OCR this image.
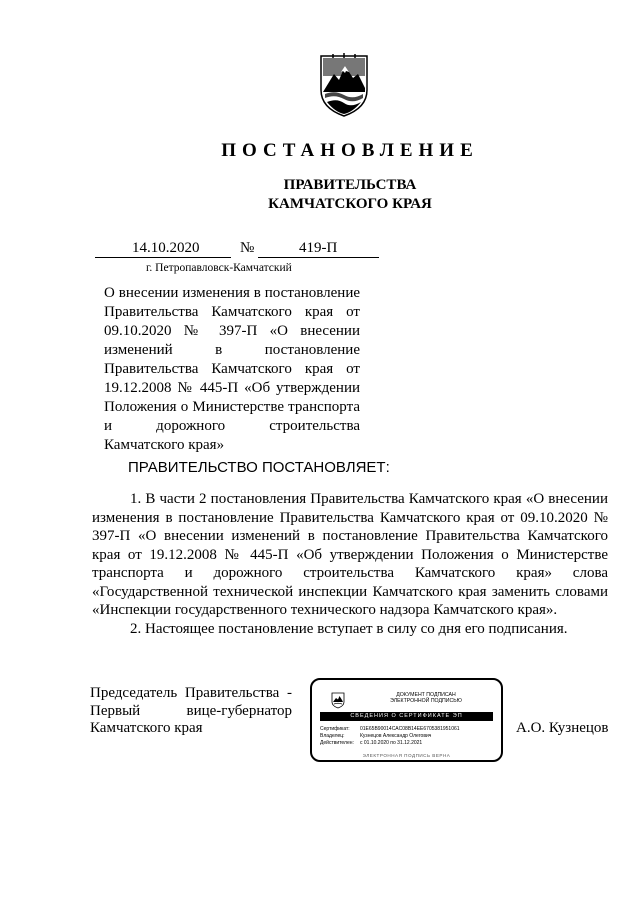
ПОСТАНОВЛЕНИЕ
ПРАВИТЕЛЬСТВА
КАМЧАТСКОГО КРАЯ
14.10.2020	№	419-П
г. Петропавловск-Камчатский
О внесении изменения в постановление Правительства Камчатского края от 09.10.2020 № 397-П «О внесении изменений в постановление Правительства Камчатского края от 19.12.2008 № 445-П «Об утверждении Положения о Министерстве транспорта и дорожного строительства Камчатского края»
ПРАВИТЕЛЬСТВО ПОСТАНОВЛЯЕТ:

1. В части 2 постановления Правительства Камчатского края «О внесении изменения в постановление Правительства Камчатского края от 09.10.2020 № 397-П «О внесении изменений в постановление Правительства Камчатского края от 19.12.2008 № 445-П «Об утверждении Положения о Министерстве транспорта и дорожного строительства Камчатского края» слова «Государственной технической инспекции Камчатского края заменить словами «Инспекции государственного технического надзора Камчатского края».

2. Настоящее постановление вступает в силу со дня его подписания.

Председатель Правительства -
Первый вице-губернатор
Камчатского края
ДОКУМЕНТ ПОДПИСАН
ЭЛЕКТРОННОЙ ПОДПИСЬЮ
СВЕДЕНИЯ О СЕРТИФИКАТЕ ЭП
Сертификат: 01E65B90014CAC08B14EE6705381951061
Владелец:	Кузнецов Александр Олегович
Действителен: с 01.10.2020 по 31.12.2021
ЭЛЕКТРОННАЯ ПОДПИСЬ ВЕРНА
А.О. Кузнецов
